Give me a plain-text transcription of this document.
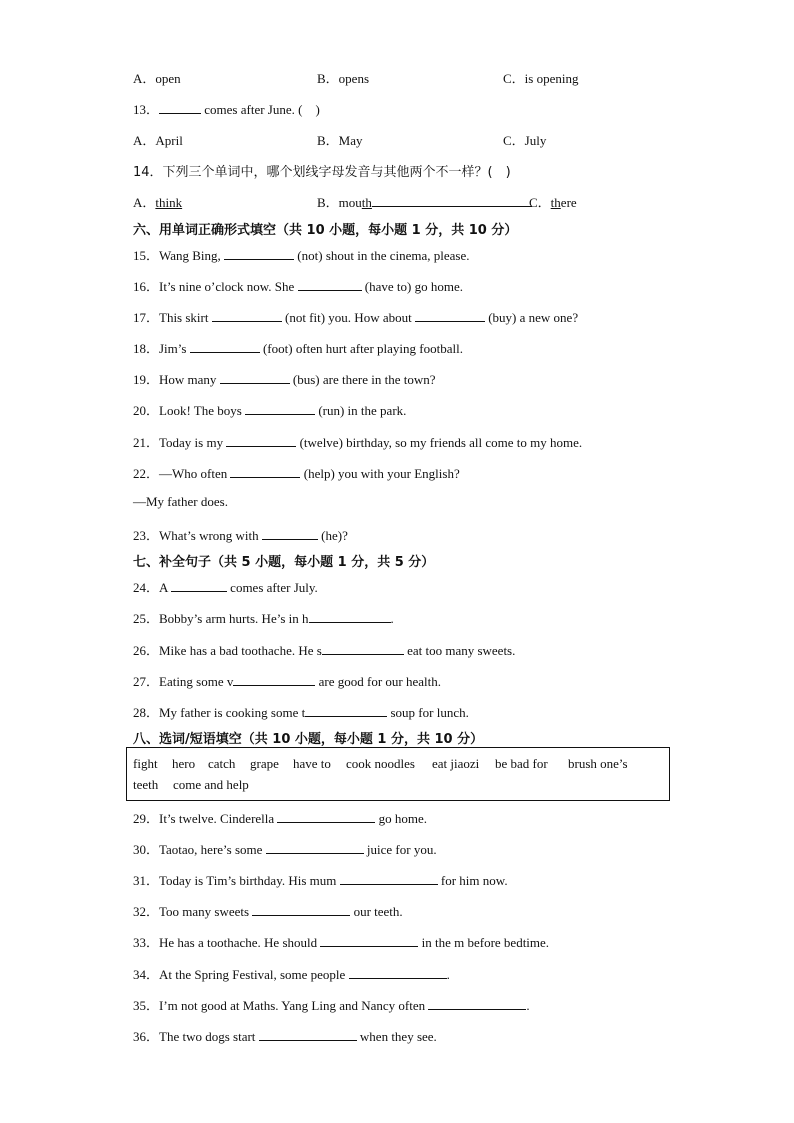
A．open	B．opens	C．is opening
13．	comes after June. (　)
A．April	B．May	C．July
14．下列三个单词中，哪个划线字母发音与其他两个不一样？(　)
A．think	B．mouth	C．there
六、用单词正确形式填空（共 10 小题，每小题 1 分，共 10 分）
15．Wang Bing,	(not) shout in the cinema, please.
16．It’s nine o’clock now. She	(have to) go home.
17．This skirt	(not fit) you. How about	(buy) a new one?
18．Jim’s	(foot) often hurt after playing football.
19．How many	(bus) are there in the town?
20．Look! The boys	(run) in the park.
21．Today is my	(twelve) birthday, so my friends all come to my home.
22．—Who often	(help) you with your English?
—My father does.
23．What’s wrong with	(he)?
七、补全句子（共 5 小题，每小题 1 分，共 5 分）
24．A	comes after July.
25．Bobby’s arm hurts. He’s in h	.
26．Mike has a bad toothache. He s	eat too many sweets.
27．Eating some v	are good for our health.
28．My father is cooking some t	soup for lunch.
八、选词/短语填空（共 10 小题，每小题 1 分，共 10 分）
fight hero catch grape have to cook noodles eat jiaozi be bad for brush one’s
teeth come and help
29．It’s twelve. Cinderella	go home.
30．Taotao, here’s some	juice for you.
31．Today is Tim’s birthday. His mum	for him now.
32．Too many sweets	our teeth.
33．He has a toothache. He should	in the m before bedtime.
34．At the Spring Festival, some people	.
35．I’m not good at Maths. Yang Ling and Nancy often	.
36．The two dogs start	when they see.
